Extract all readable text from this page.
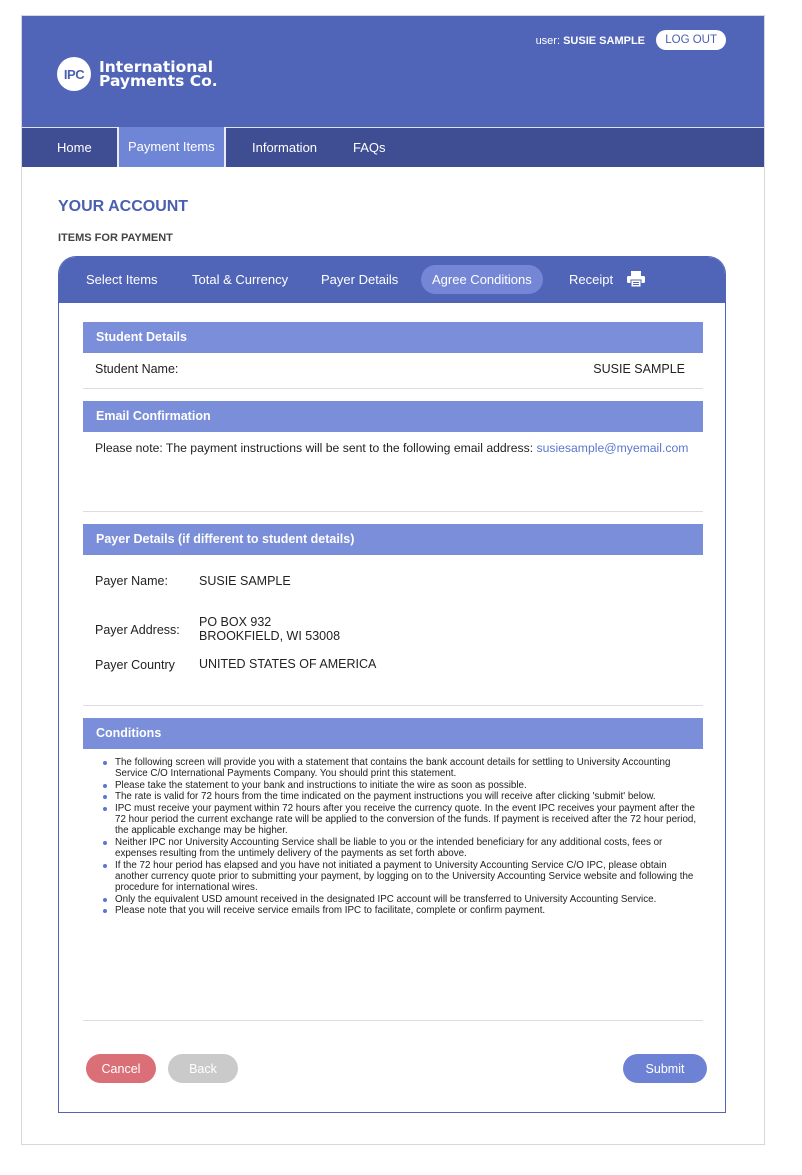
IPC International
Payments Co.
user: SUSIE SAMPLE	LOG OUT
Home	Payment Items	Information	FAQs
YOUR ACCOUNT
ITEMS FOR PAYMENT
Select Items	Total & Currency	Payer Details	Agree Conditions	Receipt
Student Details
Student Name:	SUSIE SAMPLE
Email Confirmation
Please note: The payment instructions will be sent to the following email address: susiesample@myemail.com
Payer Details (if different to student details)
Payer Name: SUSIE SAMPLE
Payer Address:
PO BOX 932
BROOKFIELD, WI 53008
Payer Country UNITED STATES OF AMERICA
Conditions
The following screen will provide you with a statement that contains the bank account details for settling to University Accounting Service C/O International Payments Company. You should print this statement.
Please take the statement to your bank and instructions to initiate the wire as soon as possible.
The rate is valid for 72 hours from the time indicated on the payment instructions you will receive after clicking 'submit' below.
IPC must receive your payment within 72 hours after you receive the currency quote. In the event IPC receives your payment after the 72 hour period the current exchange rate will be applied to the conversion of the funds. If payment is received after the 72 hour period, the applicable exchange may be higher.
Neither IPC nor University Accounting Service shall be liable to you or the intended beneficiary for any additional costs, fees or expenses resulting from the untimely delivery of the payments as set forth above.
If the 72 hour period has elapsed and you have not initiated a payment to University Accounting Service C/O IPC, please obtain another currency quote prior to submitting your payment, by logging on to the University Accounting Service website and following the procedure for international wires.
Only the equivalent USD amount received in the designated IPC account will be transferred to University Accounting Service.
Please note that you will receive service emails from IPC to facilitate, complete or confirm payment.
Cancel	Back	Submit
